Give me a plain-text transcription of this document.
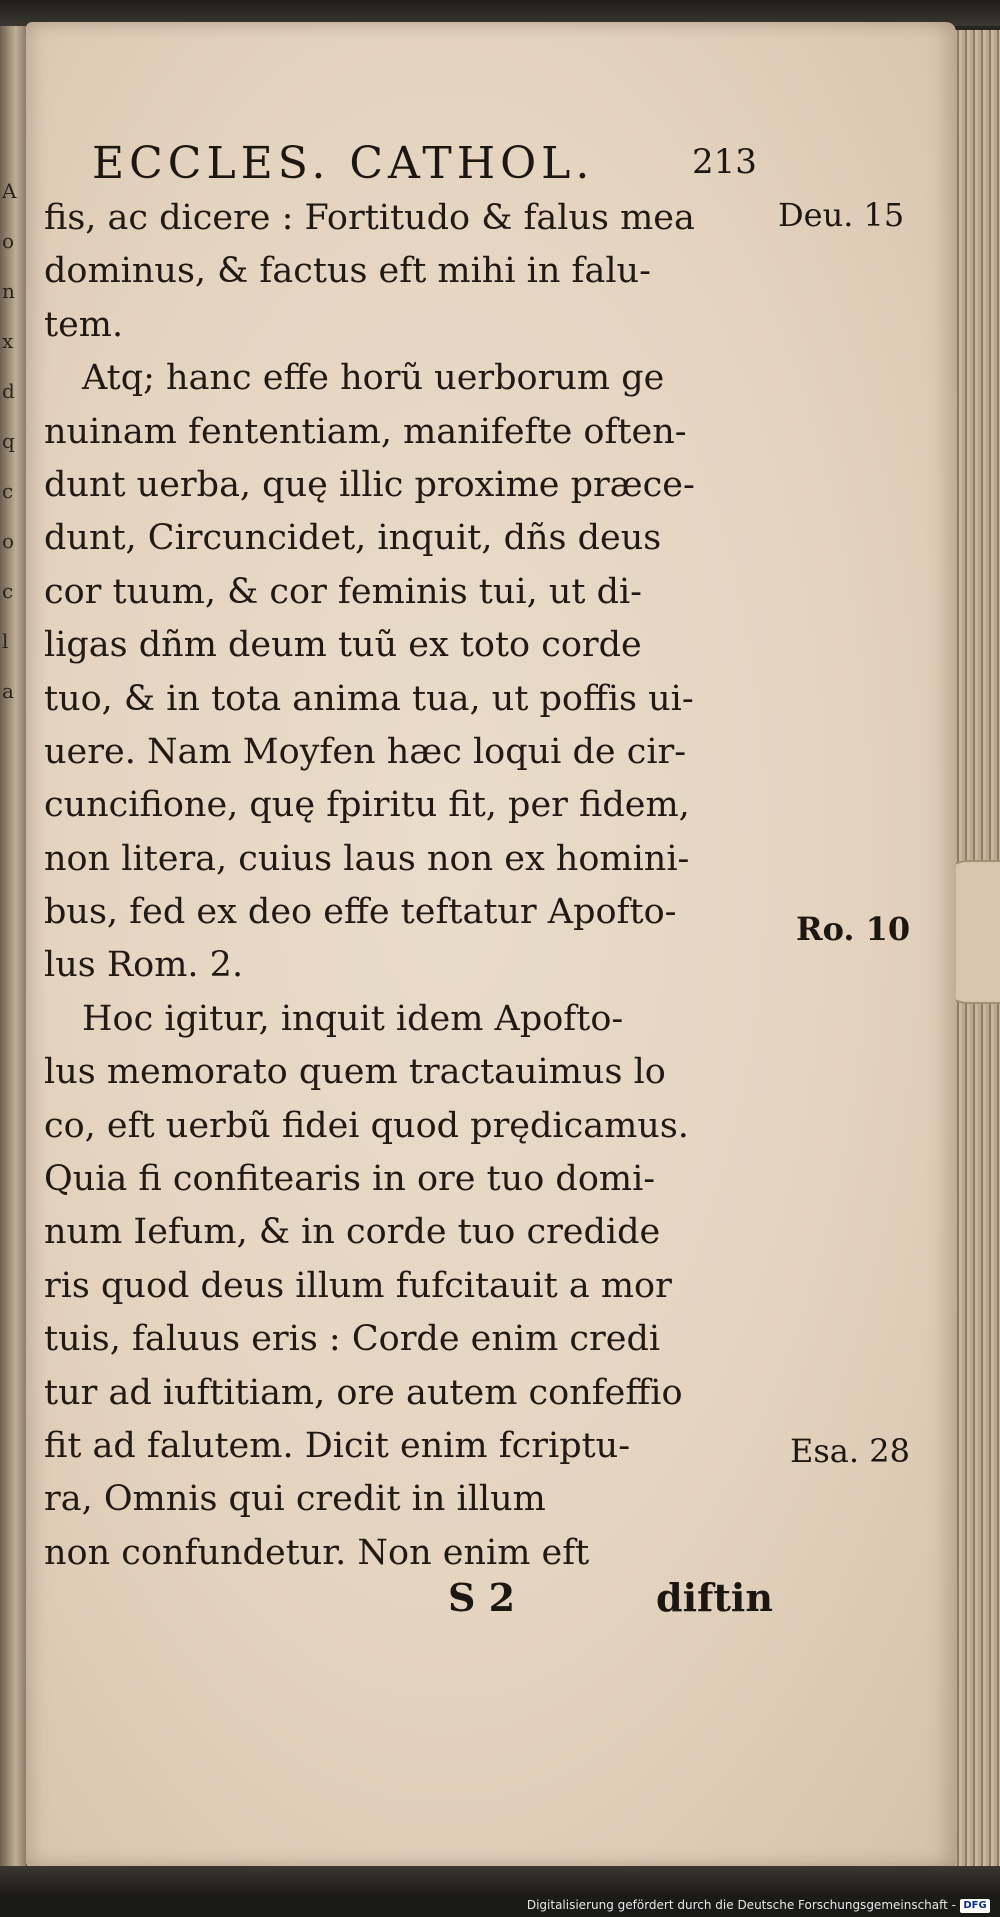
A
o
n
x
d
q
c
o
c
l
a
ECCLES. CATHOL.	213
fis, ac dicere : Fortitudo & falus mea
dominus, & factus eft mihi in falu-
tem.
Atq; hanc effe horũ uerborum ge
nuinam fententiam, manifefte often-
dunt uerba, quę illic proxime præce-
dunt, Circuncidet, inquit, dñs deus
cor tuum, & cor feminis tui, ut di-
ligas dñm deum tuũ ex toto corde
tuo, & in tota anima tua, ut poffis ui-
uere. Nam Moyfen hæc loqui de cir-
cuncifione, quę fpiritu fit, per fidem,
non litera, cuius laus non ex homini-
bus, fed ex deo effe teftatur Apofto-
lus Rom. 2.
Hoc igitur, inquit idem Apofto-
lus memorato quem tractauimus lo
co, eft uerbũ fidei quod prędicamus.
Quia fi confitearis in ore tuo domi-
num Iefum, & in corde tuo credide
ris quod deus illum fufcitauit a mor
tuis, faluus eris : Corde enim credi
tur ad iuftitiam, ore autem confeffio
fit ad falutem. Dicit enim fcriptu-
ra, Omnis qui credit in illum
non confundetur. Non enim eft
Deu. 15
Ro. 10
Esa. 28
S 2	diftin
Digitalisierung gefördert durch die Deutsche Forschungsgemeinschaft - DFG
